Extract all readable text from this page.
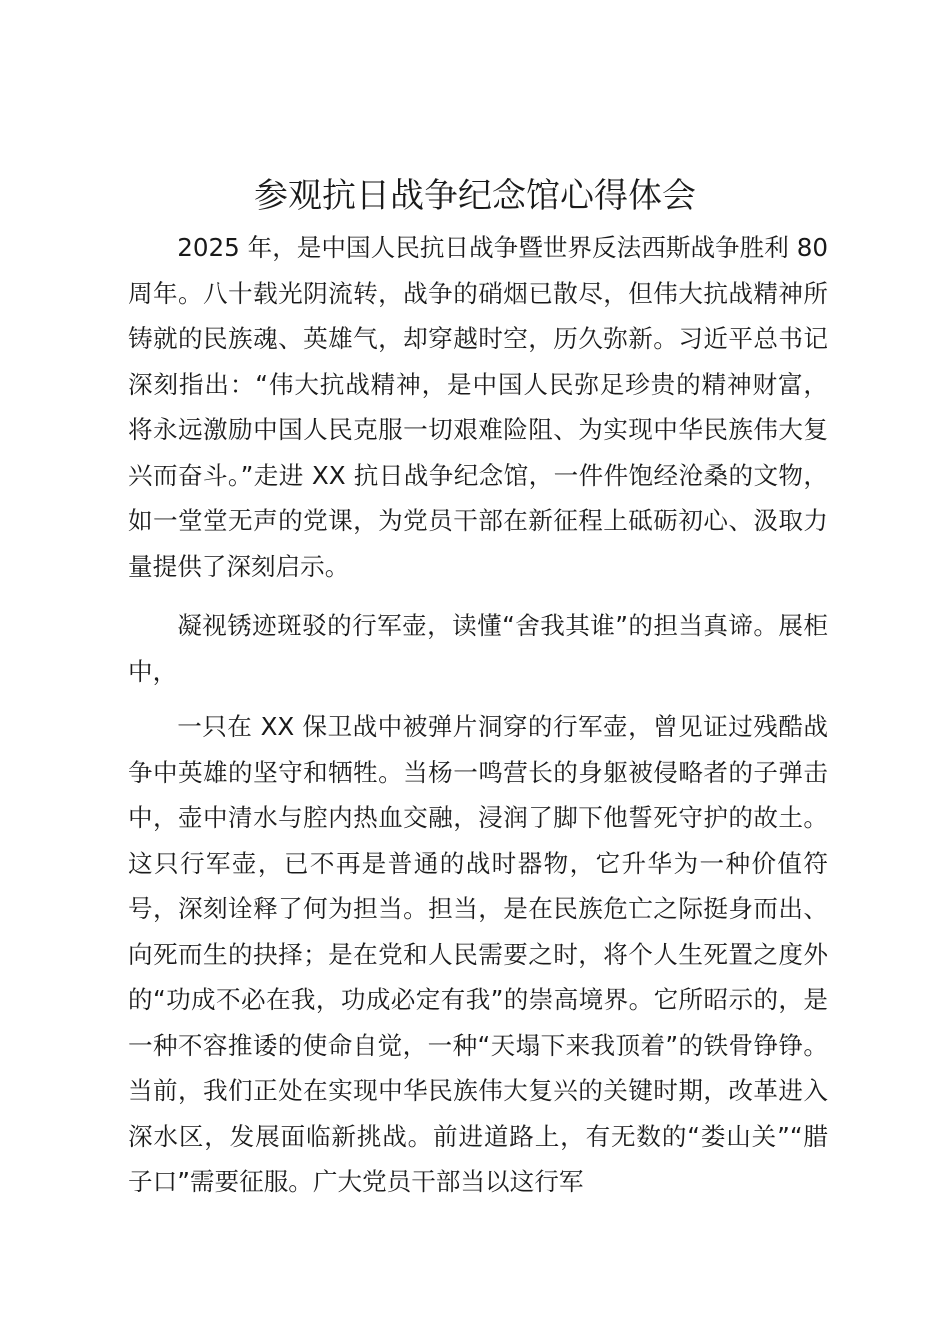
参观抗日战争纪念馆心得体会

2025 年，是中国人民抗日战争暨世界反法西斯战争胜利 80 周年。八十载光阴流转，战争的硝烟已散尽，但伟大抗战精神所铸就的民族魂、英雄气，却穿越时空，历久弥新。习近平总书记深刻指出：“伟大抗战精神，是中国人民弥足珍贵的精神财富，将永远激励中国人民克服一切艰难险阻、为实现中华民族伟大复兴而奋斗。”走进 XX 抗日战争纪念馆，一件件饱经沧桑的文物，如一堂堂无声的党课，为党员干部在新征程上砥砺初心、汲取力量提供了深刻启示。

凝视锈迹斑驳的行军壶，读懂“舍我其谁”的担当真谛。展柜中，

一只在 XX 保卫战中被弹片洞穿的行军壶，曾见证过残酷战争中英雄的坚守和牺牲。当杨一鸣营长的身躯被侵略者的子弹击中，壶中清水与腔内热血交融，浸润了脚下他誓死守护的故土。这只行军壶，已不再是普通的战时器物，它升华为一种价值符号，深刻诠释了何为担当。担当，是在民族危亡之际挺身而出、向死而生的抉择；是在党和人民需要之时，将个人生死置之度外的“功成不必在我，功成必定有我”的崇高境界。它所昭示的，是一种不容推诿的使命自觉，一种“天塌下来我顶着”的铁骨铮铮。当前，我们正处在实现中华民族伟大复兴的关键时期，改革进入深水区，发展面临新挑战。前进道路上，有无数的“娄山关”“腊子口”需要征服。广大党员干部当以这行军
